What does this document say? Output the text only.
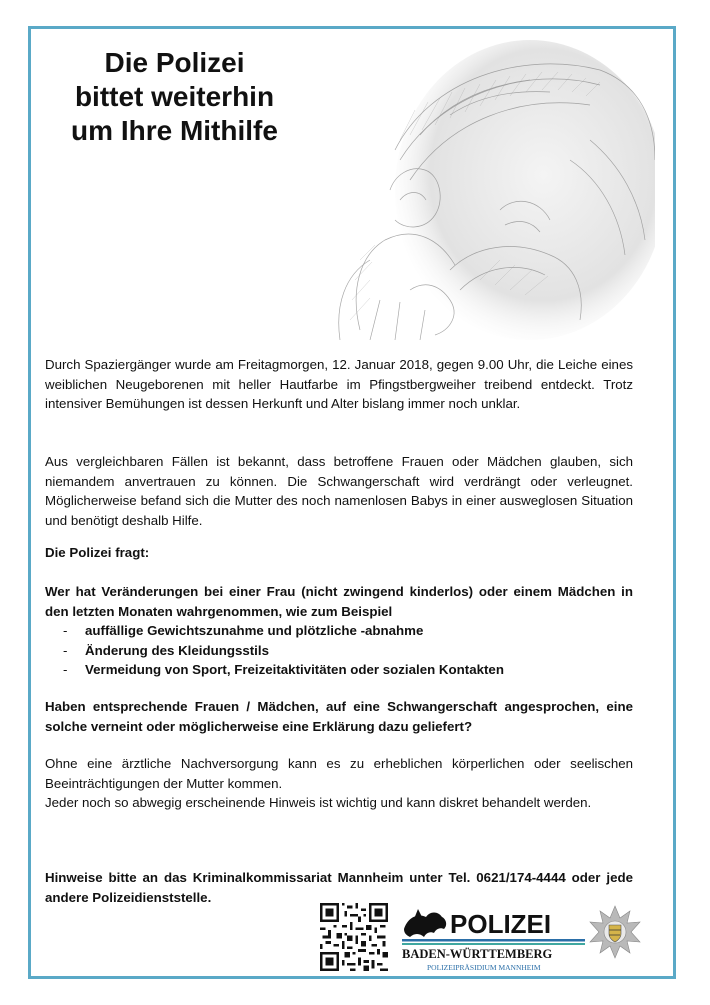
Die Polizei
bittet weiterhin
um Ihre Mithilfe
Durch Spaziergänger wurde am Freitagmorgen, 12. Januar 2018, gegen 9.00 Uhr, die Leiche eines weiblichen Neugeborenen mit heller Hautfarbe im Pfingstbergweiher treibend entdeckt. Trotz intensiver Bemühungen ist dessen Herkunft und Alter bislang immer noch unklar.
Aus vergleichbaren Fällen ist bekannt, dass betroffene Frauen oder Mädchen glauben, sich niemandem anvertrauen zu können. Die Schwangerschaft wird verdrängt oder verleugnet. Möglicherweise befand sich die Mutter des noch namenlosen Babys in einer ausweglosen Situation und benötigt deshalb Hilfe.
Die Polizei fragt:
Wer hat Veränderungen bei einer Frau (nicht zwingend kinderlos) oder einem Mädchen in den letzten Monaten wahrgenommen, wie zum Beispiel
- auffällige Gewichtszunahme und plötzliche -abnahme
- Änderung des Kleidungsstils
- Vermeidung von Sport, Freizeitaktivitäten oder sozialen Kontakten
Haben entsprechende Frauen / Mädchen, auf eine Schwangerschaft angesprochen, eine solche verneint oder möglicherweise eine Erklärung dazu geliefert?
Ohne eine ärztliche Nachversorgung kann es zu erheblichen körperlichen oder seelischen Beeinträchtigungen der Mutter kommen.
Jeder noch so abwegig erscheinende Hinweis ist wichtig und kann diskret behandelt werden.
Hinweise bitte an das Kriminalkommissariat Mannheim unter Tel. 0621/174-4444 oder jede andere Polizeidienststelle.
POLIZEI
BADEN-WÜRTTEMBERG
POLIZEIPRÄSIDIUM MANNHEIM
